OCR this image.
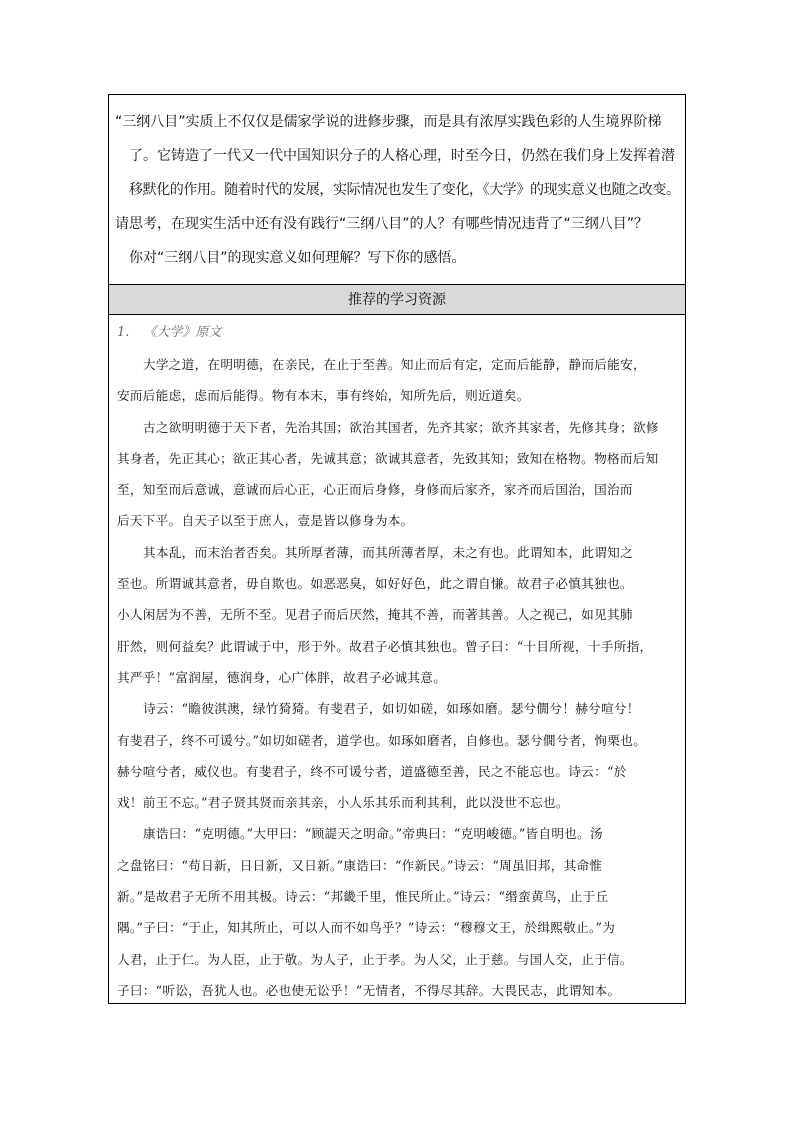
“三纲八目”实质上不仅仅是儒家学说的进修步骤，而是具有浓厚实践色彩的人生境界阶梯
了。它铸造了一代又一代中国知识分子的人格心理，时至今日，仍然在我们身上发挥着潜
移默化的作用。随着时代的发展，实际情况也发生了变化，《大学》的现实意义也随之改变。
请思考，在现实生活中还有没有践行“三纲八目”的人？有哪些情况违背了“三纲八目”？
你对“三纲八目”的现实意义如何理解？写下你的感悟。
推荐的学习资源
1. 《大学》原文
大学之道，在明明德，在亲民，在止于至善。知止而后有定，定而后能静，静而后能安，
安而后能虑，虑而后能得。物有本末，事有终始，知所先后，则近道矣。
古之欲明明德于天下者，先治其国；欲治其国者，先齐其家；欲齐其家者，先修其身；欲修
其身者，先正其心；欲正其心者，先诚其意；欲诚其意者，先致其知；致知在格物。物格而后知
至，知至而后意诚，意诚而后心正，心正而后身修，身修而后家齐，家齐而后国治，国治而
后天下平。自天子以至于庶人，壹是皆以修身为本。
其本乱，而末治者否矣。其所厚者薄，而其所薄者厚，未之有也。此谓知本，此谓知之
至也。所谓诚其意者，毋自欺也。如恶恶臭，如好好色，此之谓自慊。故君子必慎其独也。
小人闲居为不善，无所不至。见君子而后厌然，掩其不善，而著其善。人之视己，如见其肺
肝然，则何益矣？此谓诚于中，形于外。故君子必慎其独也。曾子曰：“十目所视，十手所指，
其严乎！”富润屋，德润身，心广体胖，故君子必诚其意。
诗云：“瞻彼淇澳，绿竹猗猗。有斐君子，如切如磋，如琢如磨。瑟兮僩兮！赫兮喧兮！
有斐君子，终不可谖兮。”如切如磋者，道学也。如琢如磨者，自修也。瑟兮僩兮者，恂栗也。
赫兮喧兮者，威仪也。有斐君子，终不可谖兮者，道盛德至善，民之不能忘也。诗云：“於
戏！前王不忘。”君子贤其贤而亲其亲，小人乐其乐而利其利，此以没世不忘也。
康诰曰：“克明德。”大甲曰：“顾諟天之明命。”帝典曰：“克明峻德。”皆自明也。汤
之盘铭曰：“苟日新，日日新，又日新。”康诰曰：“作新民。”诗云：“周虽旧邦，其命惟
新。”是故君子无所不用其极。诗云：“邦畿千里，惟民所止。”诗云：“缗蛮黄鸟，止于丘
隅。”子曰：“于止，知其所止，可以人而不如鸟乎？”诗云：“穆穆文王，於缉熙敬止。”为
人君，止于仁。为人臣，止于敬。为人子，止于孝。为人父，止于慈。与国人交，止于信。
子曰：“听讼，吾犹人也。必也使无讼乎！”无情者，不得尽其辞。大畏民志，此谓知本。
